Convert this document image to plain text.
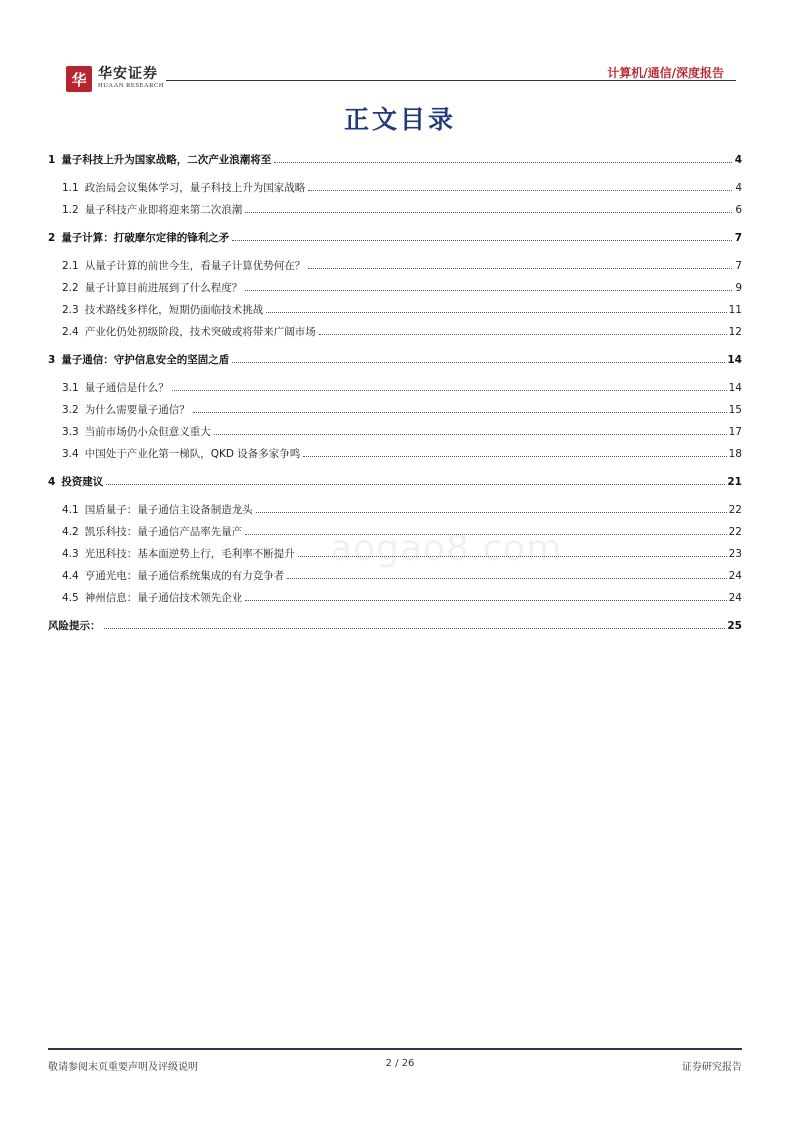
华 华安证券
HUAAN RESEARCH
计算机/通信/深度报告
正文目录
1 量子科技上升为国家战略，二次产业浪潮将至	4
1.1 政治局会议集体学习，量子科技上升为国家战略	4
1.2 量子科技产业即将迎来第二次浪潮	6
2 量子计算：打破摩尔定律的锋利之矛	7
2.1 从量子计算的前世今生，看量子计算优势何在？	7
2.2 量子计算目前进展到了什么程度？	9
2.3 技术路线多样化，短期仍面临技术挑战	11
2.4 产业化仍处初级阶段，技术突破或将带来广阔市场	12
3 量子通信：守护信息安全的坚固之盾	14
3.1 量子通信是什么？	14
3.2 为什么需要量子通信？	15
3.3 当前市场仍小众但意义重大	17
3.4 中国处于产业化第一梯队，QKD 设备多家争鸣	18
4 投资建议	21
4.1 国盾量子：量子通信主设备制造龙头	22
4.2 凯乐科技：量子通信产品率先量产	22
4.3 光迅科技：基本面逆势上行，毛利率不断提升	23
4.4 亨通光电：量子通信系统集成的有力竞争者	24
4.5 神州信息：量子通信技术领先企业	24
风险提示：	25
aogao8.com
敬请参阅末页重要声明及评级说明	2 / 26	证券研究报告
